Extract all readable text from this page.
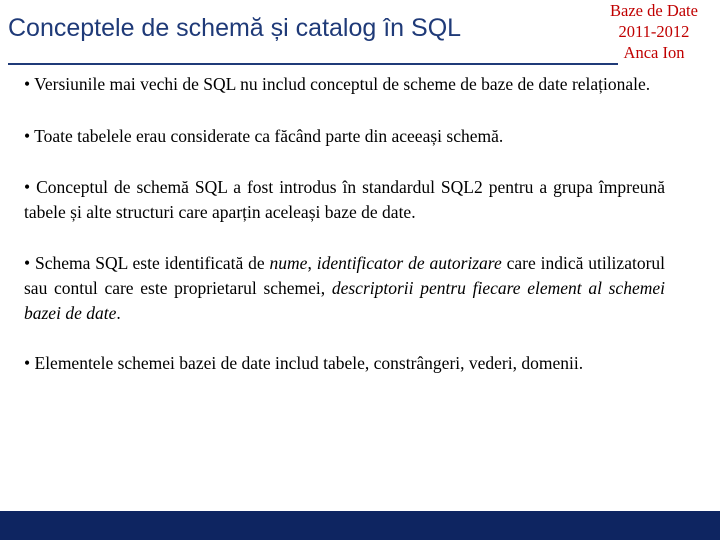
Conceptele de schemă și catalog în SQL
Baze de Date
2011-2012
Anca Ion

• Versiunile mai vechi de SQL nu includ conceptul de scheme de baze de date relaționale.

• Toate tabelele erau considerate ca făcând parte din aceeași schemă.

• Conceptul de schemă SQL a fost introdus în standardul SQL2 pentru a grupa împreună tabele și alte structuri care aparțin aceleași baze de date.

• Schema SQL este identificată de nume, identificator de autorizare care indică utilizatorul sau contul care este proprietarul schemei, descriptorii pentru fiecare element al schemei bazei de date.

• Elementele schemei bazei de date includ tabele, constrângeri, vederi, domenii.
